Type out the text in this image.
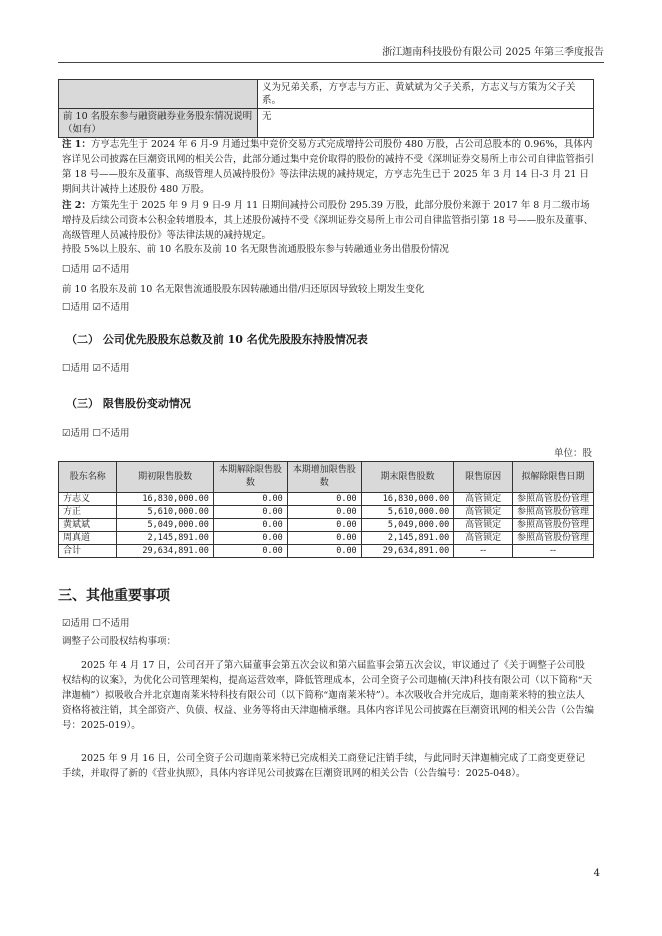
浙江迦南科技股份有限公司 2025 年第三季度报告
	义为兄弟关系，方亨志与方正、黄斌斌为父子关系，方志义与方策为父子关系。
前 10 名股东参与融资融券业务股东情况说明（如有）	无
注 1：方亨志先生于 2024 年 6 月-9 月通过集中竞价交易方式完成增持公司股份 480 万股，占公司总股本的 0.96%，具体内容详见公司披露在巨潮资讯网的相关公告，此部分通过集中竞价取得的股份的减持不受《深圳证券交易所上市公司自律监管指引第 18 号——股东及董事、高级管理人员减持股份》等法律法规的减持规定，方亨志先生已于 2025 年 3 月 14 日-3 月 21 日期间共计减持上述股份 480 万股。
注 2：方策先生于 2025 年 9 月 9 日-9 月 11 日期间减持公司股份 295.39 万股，此部分股份来源于 2017 年 8 月二级市场增持及后续公司资本公积金转增股本，其上述股份减持不受《深圳证券交易所上市公司自律监管指引第 18 号——股东及董事、高级管理人员减持股份》等法律法规的减持规定。
持股 5%以上股东、前 10 名股东及前 10 名无限售流通股股东参与转融通业务出借股份情况
☐适用 ☑不适用
前 10 名股东及前 10 名无限售流通股股东因转融通出借/归还原因导致较上期发生变化
☐适用 ☑不适用
（二） 公司优先股股东总数及前 10 名优先股股东持股情况表
☐适用 ☑不适用
（三） 限售股份变动情况
☑适用 ☐不适用
单位：股
股东名称	期初限售股数	本期解除限售股数	本期增加限售股数	期末限售股数	限售原因	拟解除限售日期
方志义	16,830,000.00	0.00	0.00	16,830,000.00	高管锁定	参照高管股份管理
方正	5,610,000.00	0.00	0.00	5,610,000.00	高管锁定	参照高管股份管理
黄斌斌	5,049,000.00	0.00	0.00	5,049,000.00	高管锁定	参照高管股份管理
周真道	2,145,891.00	0.00	0.00	2,145,891.00	高管锁定	参照高管股份管理
合计	29,634,891.00	0.00	0.00	29,634,891.00	--	--
三、其他重要事项
☑适用 ☐不适用
调整子公司股权结构事项：
2025 年 4 月 17 日，公司召开了第六届董事会第五次会议和第六届监事会第五次会议，审议通过了《关于调整子公司股权结构的议案》，为优化公司管理架构，提高运营效率，降低管理成本，公司全资子公司迦楠(天津)科技有限公司（以下简称“天津迦楠”）拟吸收合并北京迦南莱米特科技有限公司（以下简称“迦南莱米特”）。本次吸收合并完成后，迦南莱米特的独立法人资格将被注销，其全部资产、负债、权益、业务等将由天津迦楠承继。具体内容详见公司披露在巨潮资讯网的相关公告（公告编号：2025-019）。
2025 年 9 月 16 日，公司全资子公司迦南莱米特已完成相关工商登记注销手续，与此同时天津迦楠完成了工商变更登记手续，并取得了新的《营业执照》，具体内容详见公司披露在巨潮资讯网的相关公告（公告编号：2025-048）。
4
